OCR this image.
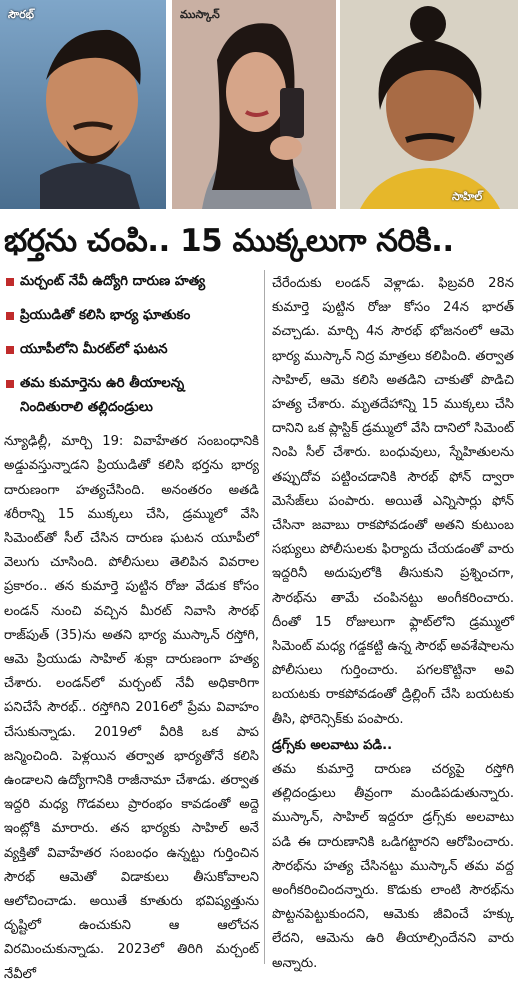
సౌరభ్	ముస్కాన్
సాహిల్
భర్తను చంపి.. 15 ముక్కలుగా నరికి..
మర్చంట్ నేవీ ఉద్యోగి దారుణ హత్య
ప్రియుడితో కలిసి భార్య ఘాతుకం
యూపీలోని మీరట్‌లో ఘటన
తమ కుమార్తెను ఉరి తీయాలన్న
నిందితురాలి తల్లిదండ్రులు

న్యూఢిల్లీ, మార్చి 19: వివాహేతర సంబంధానికి అడ్డువస్తున్నాడని ప్రియుడితో కలిసి భర్తను భార్య దారుణంగా హత్యచేసింది. అనంతరం అతడి శరీరాన్ని 15 ముక్కలు చేసి, డ్రమ్ములో వేసి సిమెంట్‌తో సీల్ చేసిన దారుణ ఘటన యూపీలో వెలుగు చూసింది. పోలీసులు తెలిపిన వివరాల ప్రకారం.. తన కుమార్తె పుట్టిన రోజు వేడుక కోసం లండన్ నుంచి వచ్చిన మీరట్ నివాసి సౌరభ్ రాజ్‌పుత్ (35)ను అతని భార్య ముస్కాన్ రస్తోగి, ఆమె ప్రియుడు సాహిల్ శుక్లా దారుణంగా హత్య చేశారు. లండన్‌లో మర్చంట్ నేవీ అధికారిగా పనిచేసే సౌరభ్.. రస్తోగిని 2016లో ప్రేమ వివాహం చేసుకున్నాడు. 2019లో వీరికి ఒక పాప జన్మించింది. పెళ్లయిన తర్వాత భార్యతోనే కలిసి ఉండాలని ఉద్యోగానికి రాజీనామా చేశాడు. తర్వాత ఇద్దరి మధ్య గొడవలు ప్రారంభం కావడంతో అద్దె ఇంట్లోకి మారారు. తన భార్యకు సాహిల్ అనే వ్యక్తితో వివాహేతర సంబంధం ఉన్నట్టు గుర్తించిన సౌరభ్ ఆమెతో విడాకులు తీసుకోవాలని ఆలోచించాడు. అయితే కూతురు భవిష్యత్తును దృష్టిలో ఉంచుకుని ఆ ఆలోచన విరమించుకున్నాడు. 2023లో తిరిగి మర్చంట్ నేవీలో

చేరేందుకు లండన్ వెళ్లాడు. ఫిబ్రవరి 28న కుమార్తె పుట్టిన రోజు కోసం 24న భారత్ వచ్చాడు. మార్చి 4న సౌరభ్ భోజనంలో ఆమె భార్య ముస్కాన్ నిద్ర మాత్రలు కలిపింది. తర్వాత సాహిల్, ఆమె కలిసి అతడిని చాకుతో పొడిచి హత్య చేశారు. మృతదేహాన్ని 15 ముక్కలు చేసి దానిని ఒక ప్లాస్టిక్ డ్రమ్ములో వేసి దానిలో సిమెంట్ నింపి సీల్ చేశారు. బంధువులు, స్నేహితులను తప్పుదోవ పట్టించడానికి సౌరభ్ ఫోన్ ద్వారా మెసేజ్‌లు పంపారు. అయితే ఎన్నిసార్లు ఫోన్ చేసినా జవాబు రాకపోవడంతో అతని కుటుంబ సభ్యులు పోలీసులకు ఫిర్యాదు చేయడంతో వారు ఇద్దరినీ అదుపులోకి తీసుకుని ప్రశ్నించగా, సౌరభ్‌ను తామే చంపినట్టు అంగీకరించారు. దీంతో 15 రోజులుగా ఫ్లాట్‌లోని డ్రమ్ములో సిమెంట్ మధ్య గడ్డకట్టి ఉన్న సౌరభ్ అవశేషాలను పోలీసులు గుర్తించారు. పగలకొట్టినా అవి బయటకు రాకపోవడంతో డ్రిల్లింగ్ చేసి బయటకు తీసి, ఫోరెన్సిక్‌కు పంపారు.

డ్రగ్స్‌కు అలవాటు పడి..

తమ కుమార్తె దారుణ చర్యపై రస్తోగి తల్లిదండ్రులు తీవ్రంగా మండిపడుతున్నారు. ముస్కాన్, సాహిల్ ఇద్దరూ డ్రగ్స్‌కు అలవాటు పడి ఈ దారుణానికి ఒడిగట్టారని ఆరోపించారు. సౌరభ్‌ను హత్య చేసినట్టు ముస్కాన్ తమ వద్ద అంగీకరించిందన్నారు. కొడుకు లాంటి సౌరభ్‌ను పొట్టనపెట్టుకుందని, ఆమెకు జీవించే హక్కు లేదని, ఆమెను ఉరి తీయాల్సిందేనని వారు అన్నారు.
